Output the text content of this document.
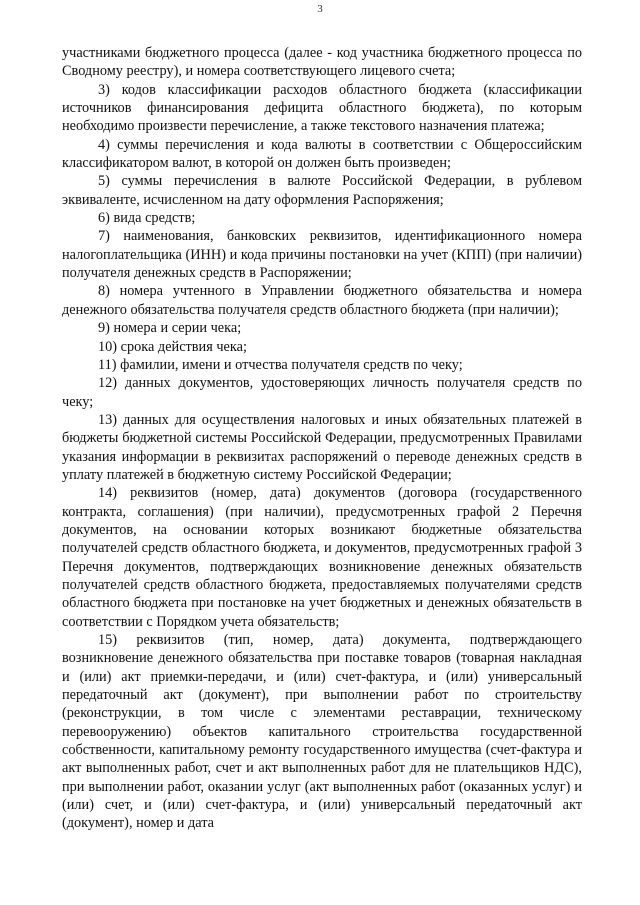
3

участниками бюджетного процесса (далее - код участника бюджетного процесса по Сводному реестру), и номера соответствующего лицевого счета;

3) кодов классификации расходов областного бюджета (классификации источников финансирования дефицита областного бюджета), по которым необходимо произвести перечисление, а также текстового назначения платежа;

4) суммы перечисления и кода валюты в соответствии с Общероссийским классификатором валют, в которой он должен быть произведен;

5) суммы перечисления в валюте Российской Федерации, в рублевом эквиваленте, исчисленном на дату оформления Распоряжения;

6) вида средств;

7) наименования, банковских реквизитов, идентификационного номера налогоплательщика (ИНН) и кода причины постановки на учет (КПП) (при наличии) получателя денежных средств в Распоряжении;

8) номера учтенного в Управлении бюджетного обязательства и номера денежного обязательства получателя средств областного бюджета (при наличии);

9) номера и серии чека;

10) срока действия чека;

11) фамилии, имени и отчества получателя средств по чеку;

12) данных документов, удостоверяющих личность получателя средств по чеку;

13) данных для осуществления налоговых и иных обязательных платежей в бюджеты бюджетной системы Российской Федерации, предусмотренных Правилами указания информации в реквизитах распоряжений о переводе денежных средств в уплату платежей в бюджетную систему Российской Федерации;

14) реквизитов (номер, дата) документов (договора (государственного контракта, соглашения) (при наличии), предусмотренных графой 2 Перечня документов, на основании которых возникают бюджетные обязательства получателей средств областного бюджета, и документов, предусмотренных графой 3 Перечня документов, подтверждающих возникновение денежных обязательств получателей средств областного бюджета, предоставляемых получателями средств областного бюджета при постановке на учет бюджетных и денежных обязательств в соответствии с Порядком учета обязательств;

15) реквизитов (тип, номер, дата) документа, подтверждающего возникновение денежного обязательства при поставке товаров (товарная накладная и (или) акт приемки-передачи, и (или) счет-фактура, и (или) универсальный передаточный акт (документ), при выполнении работ по строительству (реконструкции, в том числе с элементами реставрации, техническому перевооружению) объектов капитального строительства государственной собственности, капитальному ремонту государственного имущества (счет-фактура и акт выполненных работ, счет и акт выполненных работ для не плательщиков НДС), при выполнении работ, оказании услуг (акт выполненных работ (оказанных услуг) и (или) счет, и (или) счет-фактура, и (или) универсальный передаточный акт (документ), номер и дата
